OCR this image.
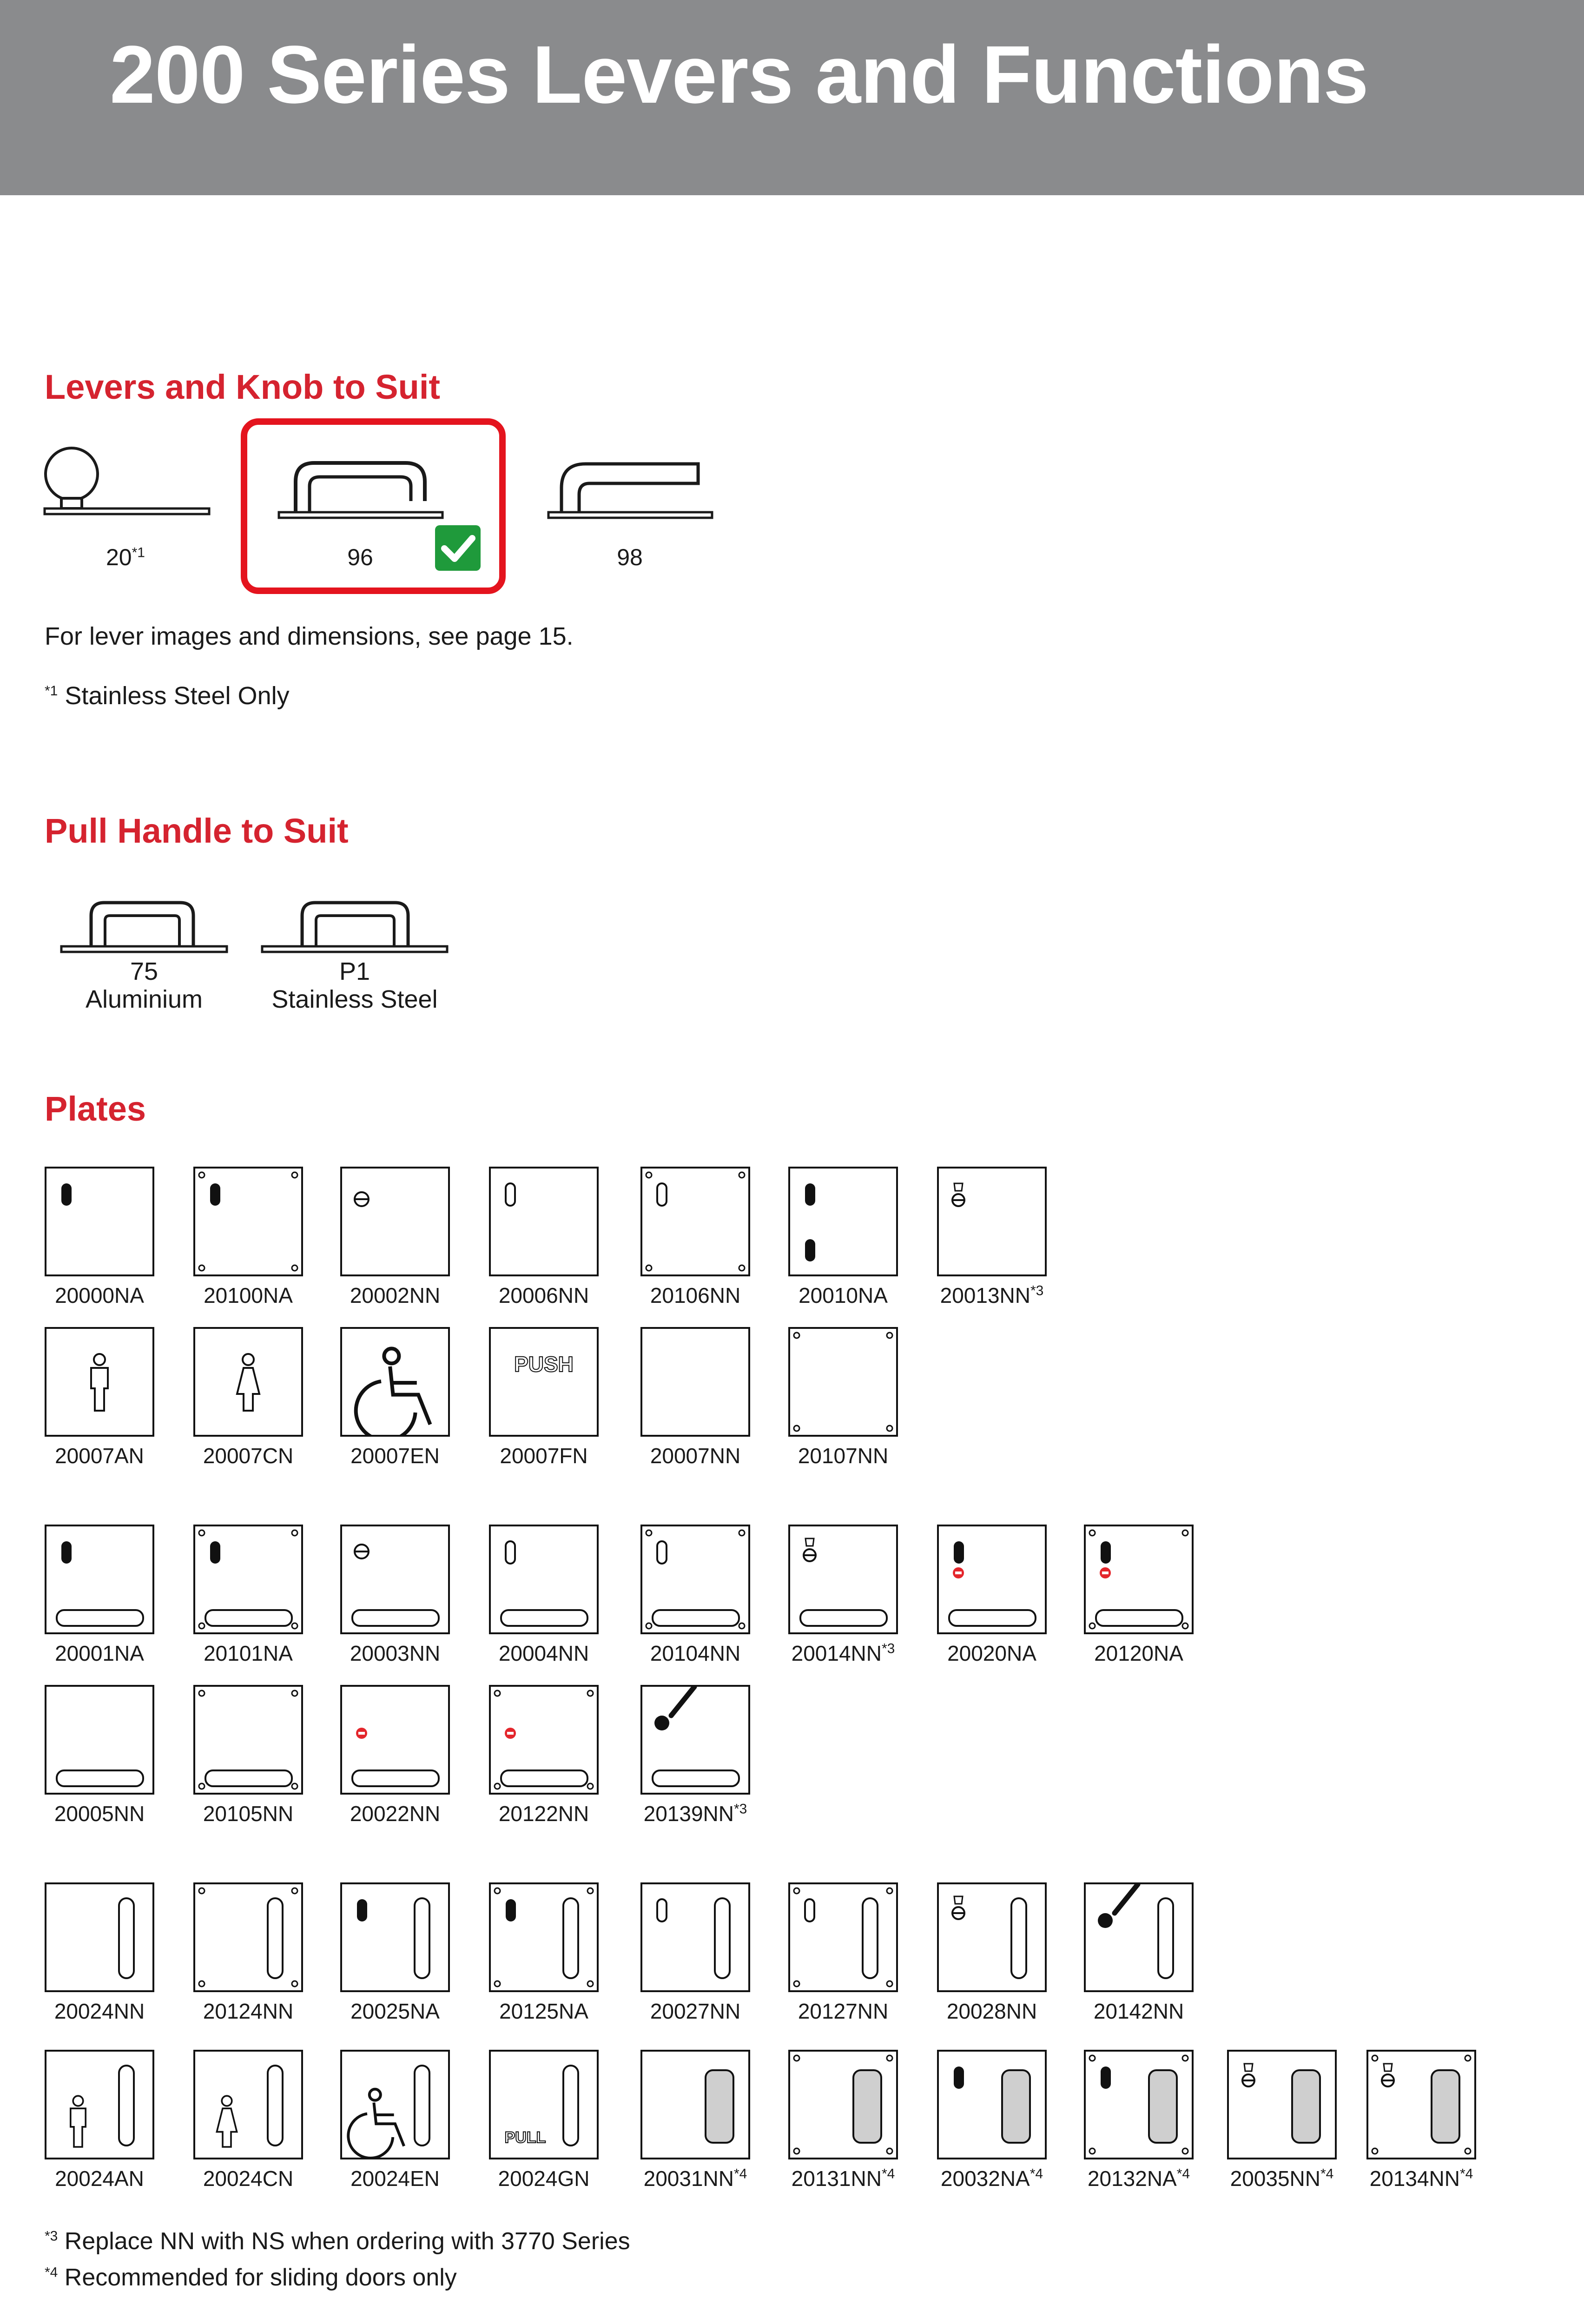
200 Series Levers and Functions
Levers and Knob to Suit
20$^{*1}$	96	98
For lever images and dimensions, see page 15.
$^{*1}$ Stainless Steel Only
Pull Handle to Suit
75
Aluminium
P1
Stainless Steel
Plates
20000NA	20100NA	20002NN	20006NN	20106NN	20010NA	20013NN$^{*3}$
20007AN	20007CN	20007EN
PUSH
20007FN	20007NN	20107NN
20001NA	20101NA	20003NN	20004NN	20104NN	20014NN$^{*3}$	20020NA	20120NA
20005NN	20105NN	20022NN	20122NN	20139NN$^{*3}$
20024NN	20124NN	20025NA	20125NA	20027NN	20127NN	20028NN	20142NN
20024AN	20024CN	20024EN
PULL
20024GN	20031NN$^{*4}$	20131NN$^{*4}$	20032NA$^{*4}$	20132NA$^{*4}$	20035NN$^{*4}$	20134NN$^{*4}$
$^{*3}$ Replace NN with NS when ordering with 3770 Series
$^{*4}$ Recommended for sliding doors only
